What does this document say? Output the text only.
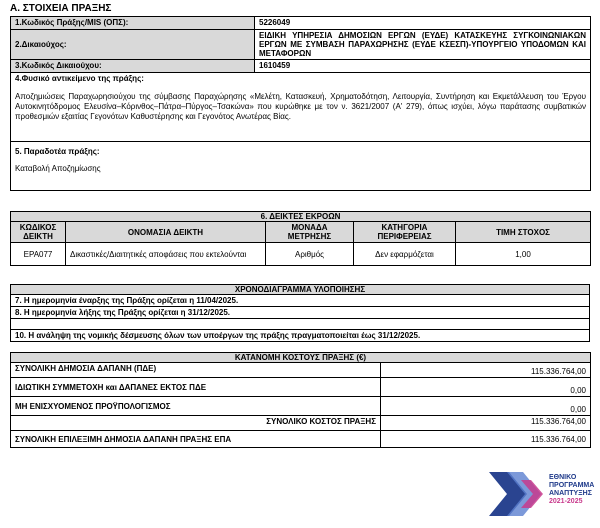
Α. ΣΤΟΙΧΕΙΑ ΠΡΑΞΗΣ
1.Κωδικός Πράξης/MIS (ΟΠΣ):	5226049
2.Δικαιούχος:	ΕΙΔΙΚΗ ΥΠΗΡΕΣΙΑ ΔΗΜΟΣΙΩΝ ΕΡΓΩΝ (ΕΥΔΕ) ΚΑΤΑΣΚΕΥΗΣ ΣΥΓΚΟΙΝΩΝΙΑΚΩΝ ΕΡΓΩΝ ΜΕ ΣΥΜΒΑΣΗ ΠΑΡΑΧΩΡΗΣΗΣ (ΕΥΔΕ ΚΣΕΣΠ)-ΥΠΟΥΡΓΕΙΟ ΥΠΟΔΟΜΩΝ ΚΑΙ ΜΕΤΑΦΟΡΩΝ
3.Κωδικός Δικαιούχου:	1610459

4.Φυσικό αντικείμενο της πράξης:
Αποζημιώσεις Παραχωρησιούχου της σύμβασης Παραχώρησης «Μελέτη, Κατασκευή, Χρηματοδότηση, Λειτουργία, Συντήρηση και Εκμετάλλευση του Έργου Αυτοκινητόδρομος Ελευσίνα–Κόρινθος–Πάτρα–Πύργος–Τσακώνα» που κυρώθηκε με τον ν. 3621/2007 (Α' 279), όπως ισχύει, λόγω παράτασης συμβατικών προθεσμιών εξαιτίας Γεγονότων Καθυστέρησης και Γεγονότος Ανωτέρας Βίας.	

5. Παραδοτέα πράξης:
Καταβολή Αποζημίωσης	
6. ΔΕΙΚΤΕΣ ΕΚΡΟΩΝ				
ΚΩΔΙΚΟΣ ΔΕΙΚΤΗ	ΟΝΟΜΑΣΙΑ ΔΕΙΚΤΗ	ΜΟΝΑΔΑ ΜΕΤΡΗΣΗΣ	ΚΑΤΗΓΟΡΙΑ ΠΕΡΙΦΕΡΕΙΑΣ	ΤΙΜΗ ΣΤΟΧΟΣ
EPA077	Δικαστικές/Διαιτητικές αποφάσεις που εκτελούνται	Αριθμός	Δεν εφαρμόζεται	1,00
ΧΡΟΝΟΔΙΑΓΡΑΜΜΑ ΥΛΟΠΟΙΗΣΗΣ
7. Η ημερομηνία έναρξης της Πράξης ορίζεται η 11/04/2025.
8. Η ημερομηνία λήξης της Πράξης ορίζεται η 31/12/2025.

10. Η ανάληψη της νομικής δέσμευσης όλων των υποέργων της πράξης πραγματοποιείται έως 31/12/2025.
ΚΑΤΑΝΟΜΗ ΚΟΣΤΟΥΣ ΠΡΑΞΗΣ (€)	
ΣΥΝΟΛΙΚΗ ΔΗΜΟΣΙΑ ΔΑΠΑΝΗ (ΠΔΕ)	115.336.764,00
ΙΔΙΩΤΙΚΗ ΣΥΜΜΕΤΟΧΗ και ΔΑΠΑΝΕΣ ΕΚΤΟΣ ΠΔΕ	0,00
ΜΗ ΕΝΙΣΧΥΟΜΕΝΟΣ ΠΡΟΫΠΟΛΟΓΙΣΜΟΣ	0,00
ΣΥΝΟΛΙΚΟ ΚΟΣΤΟΣ ΠΡΑΞΗΣ	115.336.764,00
ΣΥΝΟΛΙΚΗ ΕΠΙΛΕΞΙΜΗ ΔΗΜΟΣΙΑ ΔΑΠΑΝΗ ΠΡΑΞΗΣ ΕΠΑ	115.336.764,00
ΕΘΝΙΚΟ
ΠΡΟΓΡΑΜΜΑ
ΑΝΑΠΤΥΞΗΣ
2021-2025
